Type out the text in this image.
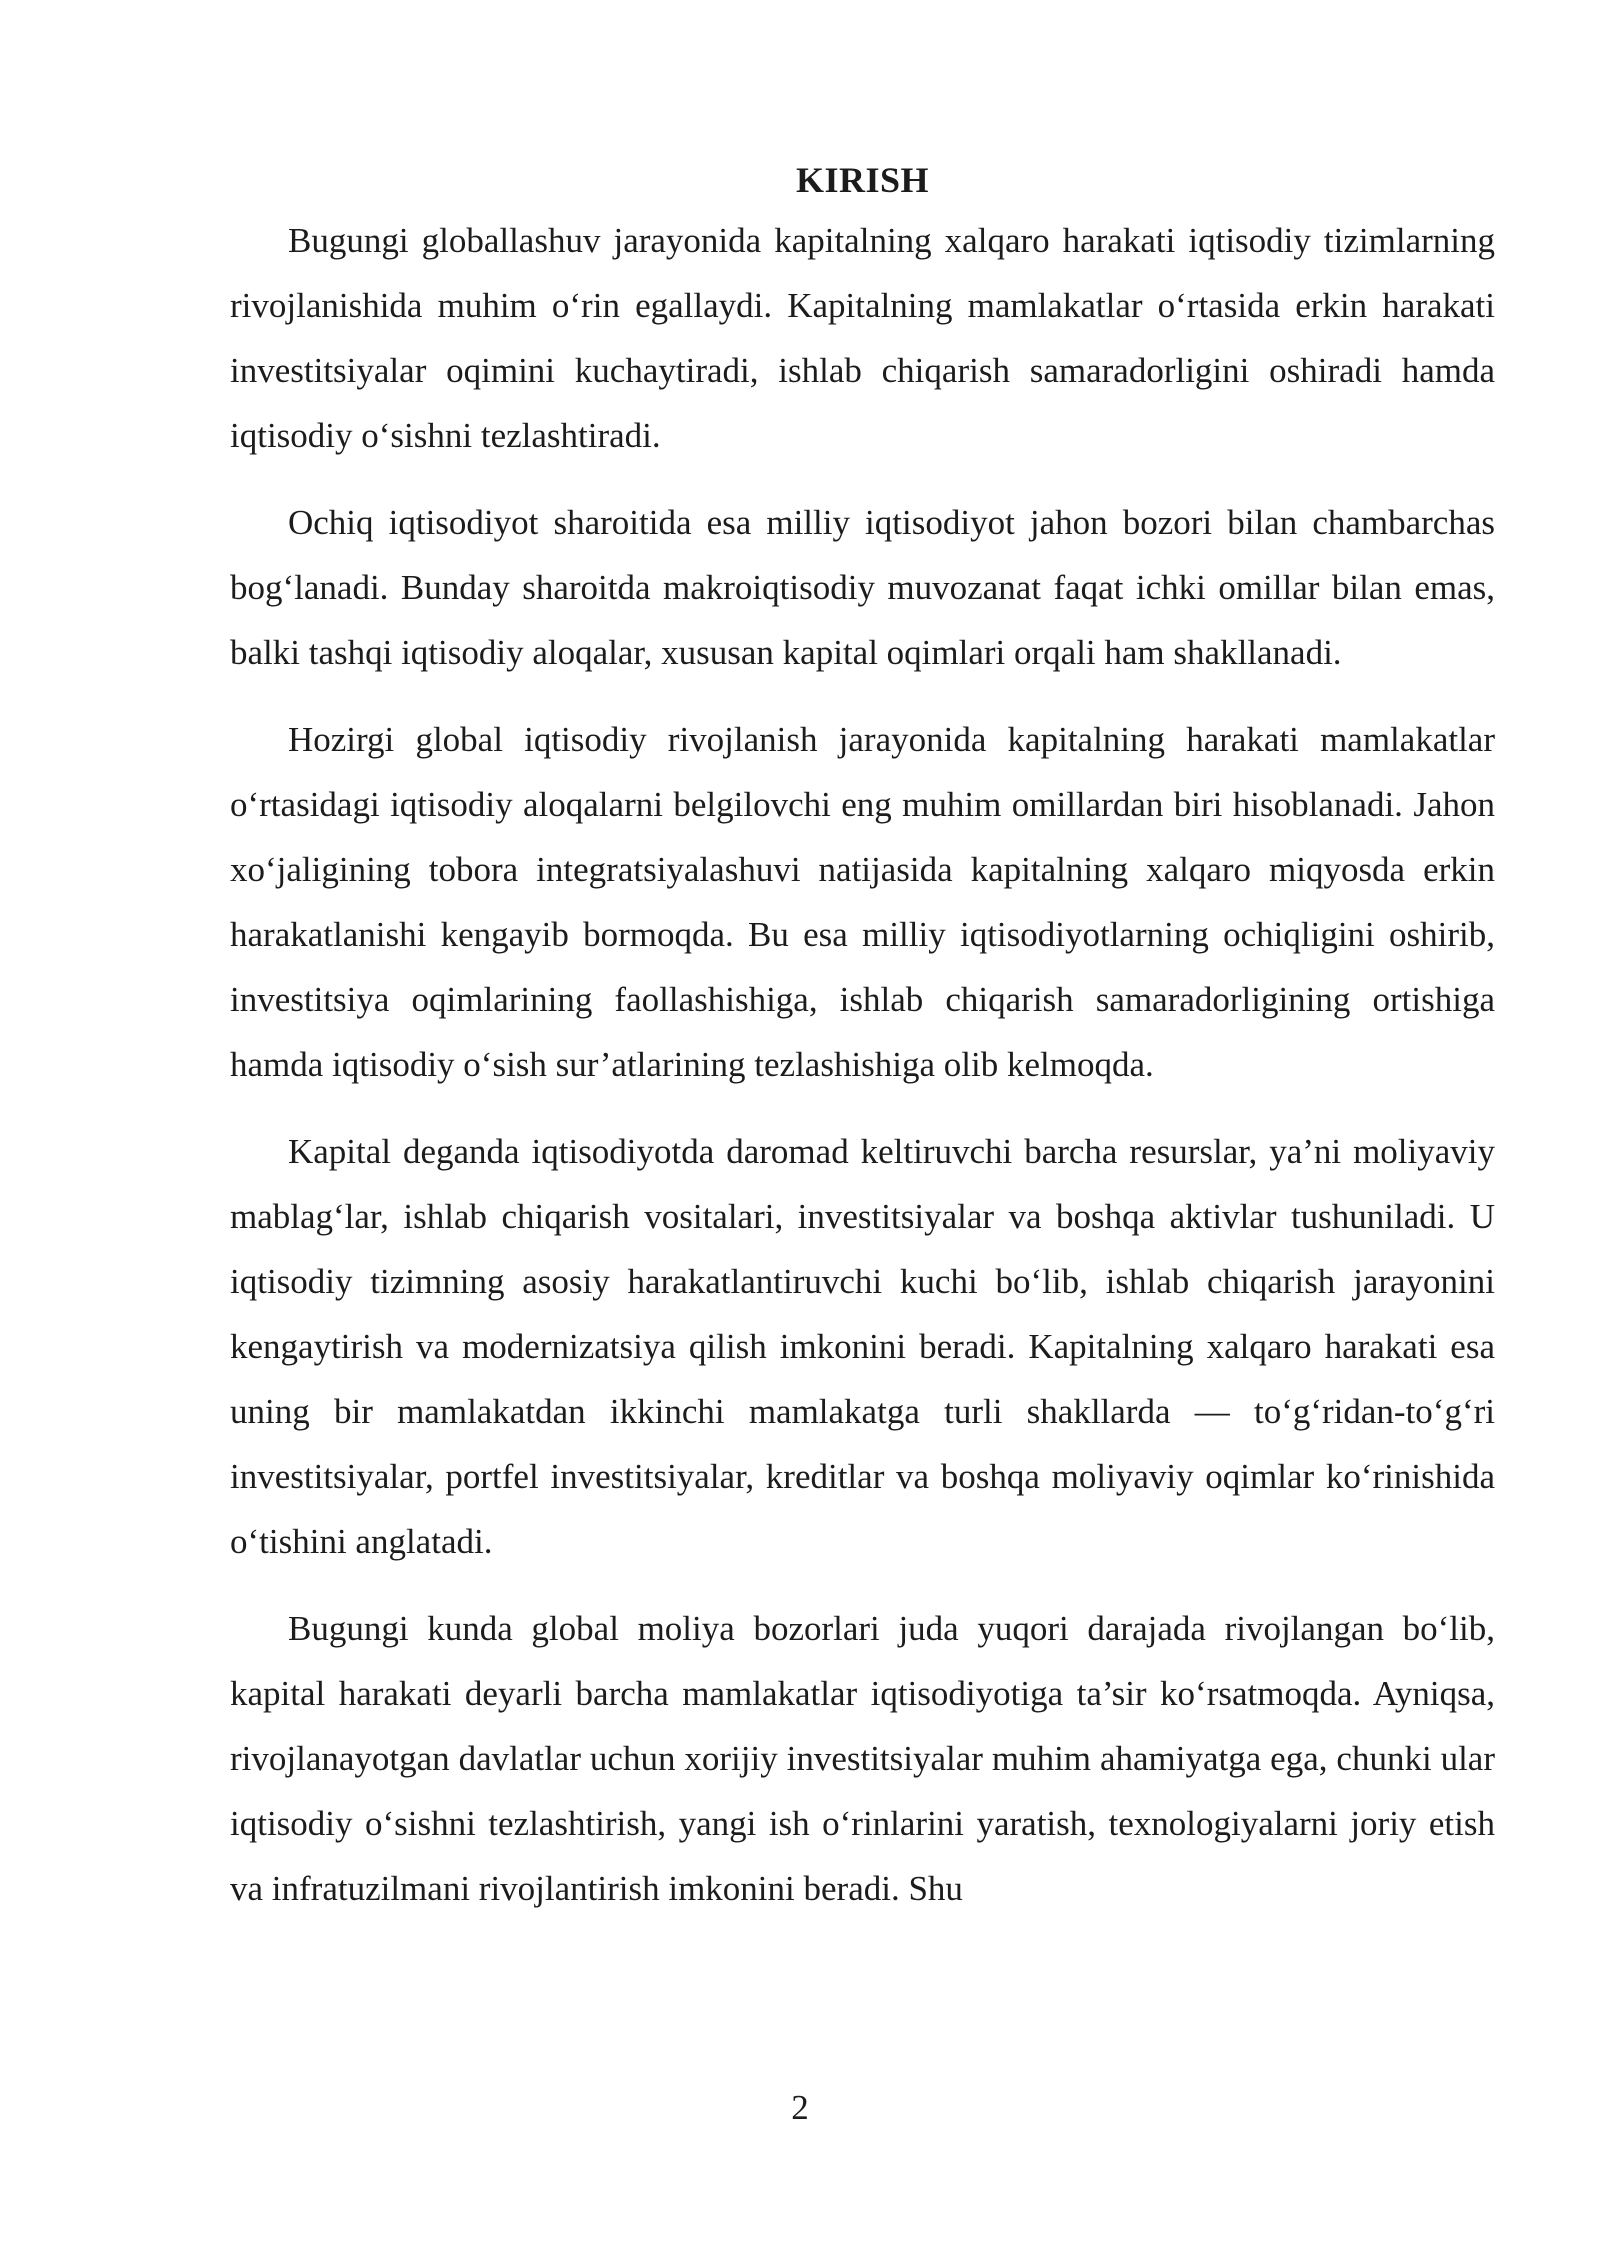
KIRISH

Bugungi globallashuv jarayonida kapitalning xalqaro harakati iqtisodiy tizimlarning rivojlanishida muhim o‘rin egallaydi. Kapitalning mamlakatlar o‘rtasida erkin harakati investitsiyalar oqimini kuchaytiradi, ishlab chiqarish samaradorligini oshiradi hamda iqtisodiy o‘sishni tezlashtiradi.

Ochiq iqtisodiyot sharoitida esa milliy iqtisodiyot jahon bozori bilan chambarchas bog‘lanadi. Bunday sharoitda makroiqtisodiy muvozanat faqat ichki omillar bilan emas, balki tashqi iqtisodiy aloqalar, xususan kapital oqimlari orqali ham shakllanadi.

Hozirgi global iqtisodiy rivojlanish jarayonida kapitalning harakati mamlakatlar o‘rtasidagi iqtisodiy aloqalarni belgilovchi eng muhim omillardan biri hisoblanadi. Jahon xo‘jaligining tobora integratsiyalashuvi natijasida kapitalning xalqaro miqyosda erkin harakatlanishi kengayib bormoqda. Bu esa milliy iqtisodiyotlarning ochiqligini oshirib, investitsiya oqimlarining faollashishiga, ishlab chiqarish samaradorligining ortishiga hamda iqtisodiy o‘sish sur’atlarining tezlashishiga olib kelmoqda.

Kapital deganda iqtisodiyotda daromad keltiruvchi barcha resurslar, ya’ni moliyaviy mablag‘lar, ishlab chiqarish vositalari, investitsiyalar va boshqa aktivlar tushuniladi. U iqtisodiy tizimning asosiy harakatlantiruvchi kuchi bo‘lib, ishlab chiqarish jarayonini kengaytirish va modernizatsiya qilish imkonini beradi. Kapitalning xalqaro harakati esa uning bir mamlakatdan ikkinchi mamlakatga turli shakllarda — to‘g‘ridan-to‘g‘ri investitsiyalar, portfel investitsiyalar, kreditlar va boshqa moliyaviy oqimlar ko‘rinishida o‘tishini anglatadi.

Bugungi kunda global moliya bozorlari juda yuqori darajada rivojlangan bo‘lib, kapital harakati deyarli barcha mamlakatlar iqtisodiyotiga ta’sir ko‘rsatmoqda. Ayniqsa, rivojlanayotgan davlatlar uchun xorijiy investitsiyalar muhim ahamiyatga ega, chunki ular iqtisodiy o‘sishni tezlashtirish, yangi ish o‘rinlarini yaratish, texnologiyalarni joriy etish va infratuzilmani rivojlantirish imkonini beradi. Shu

2
